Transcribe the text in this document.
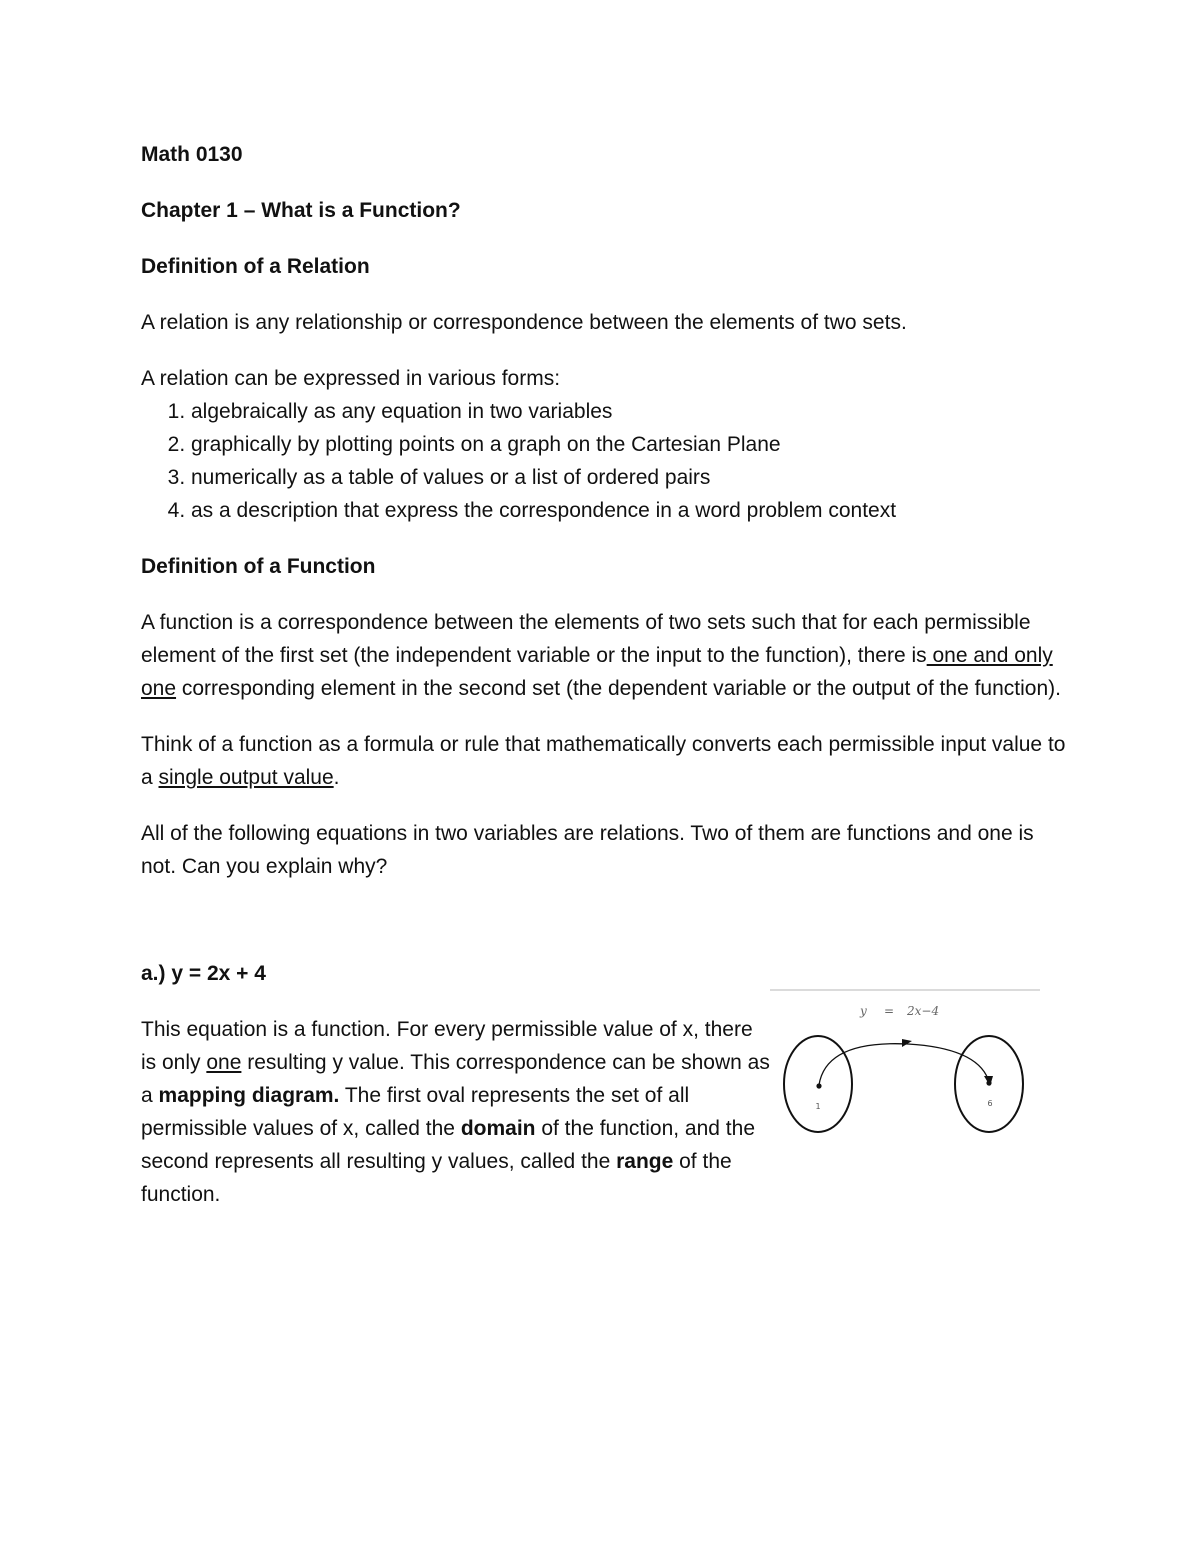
Math 0130

Chapter 1 – What is a Function?

Definition of a Relation

A relation is any relationship or correspondence between the elements of two sets.

A relation can be expressed in various forms:

1. algebraically as any equation in two variables
2. graphically by plotting points on a graph on the Cartesian Plane
3. numerically as a table of values or a list of ordered pairs
4. as a description that express the correspondence in a word problem context

Definition of a Function

A function is a correspondence between the elements of two sets such that for each permissible element of the first set (the independent variable or the input to the function), there is one and only one corresponding element in the second set (the dependent variable or the output of the function).

Think of a function as a formula or rule that mathematically converts each permissible input value to a single output value.

All of the following equations in two variables are relations. Two of them are functions and one is not. Can you explain why?

a.) y = 2x + 4

This equation is a function. For every permissible value of x, there is only one resulting y value. This correspondence can be shown as a mapping diagram. The first oval represents the set of all permissible values of x, called the domain of the function, and the second represents all resulting y values, called the range of the function.

y = 2x−4
1	6
